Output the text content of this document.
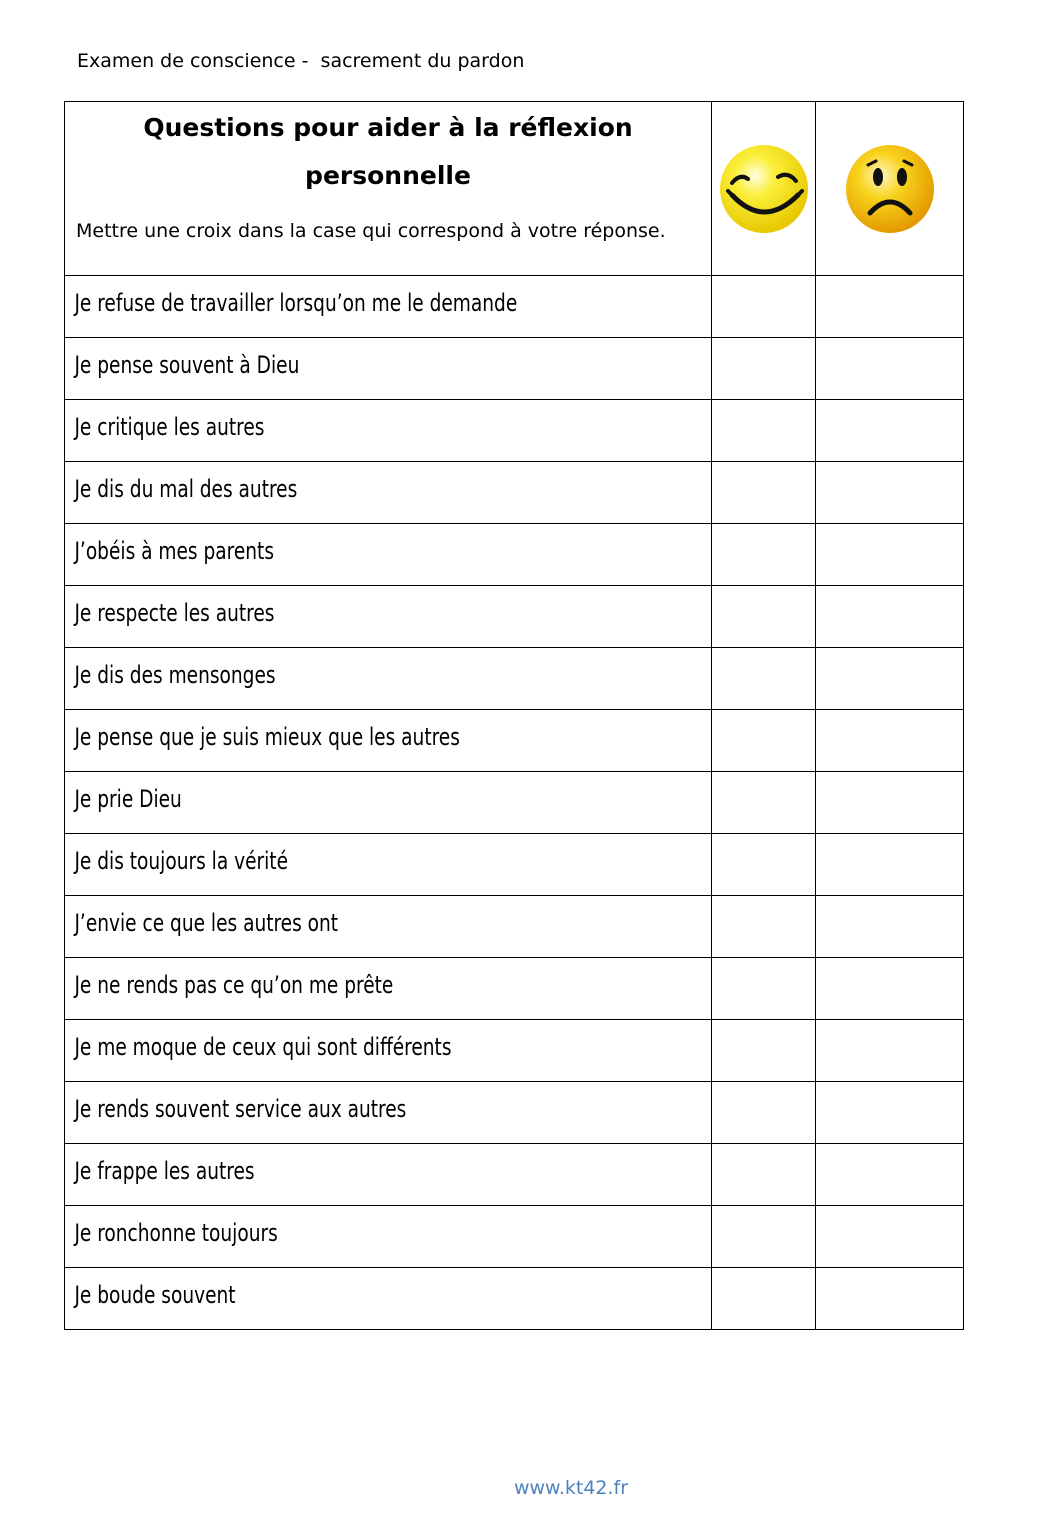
Examen de conscience -  sacrement du pardon
Questions pour aider à la réflexion
personnelle
Mettre une croix dans la case qui correspond à votre réponse.

Je refuse de travailler lorsqu’on me le demande		

Je pense souvent à Dieu		

Je critique les autres		

Je dis du mal des autres		

J’obéis à mes parents		

Je respecte les autres		

Je dis des mensonges		

Je pense que je suis mieux que les autres		

Je prie Dieu		

Je dis toujours la vérité		

J’envie ce que les autres ont		

Je ne rends pas ce qu’on me prête		

Je me moque de ceux qui sont différents		

Je rends souvent service aux autres		

Je frappe les autres		

Je ronchonne toujours		

Je boude souvent		

www.kt42.fr
